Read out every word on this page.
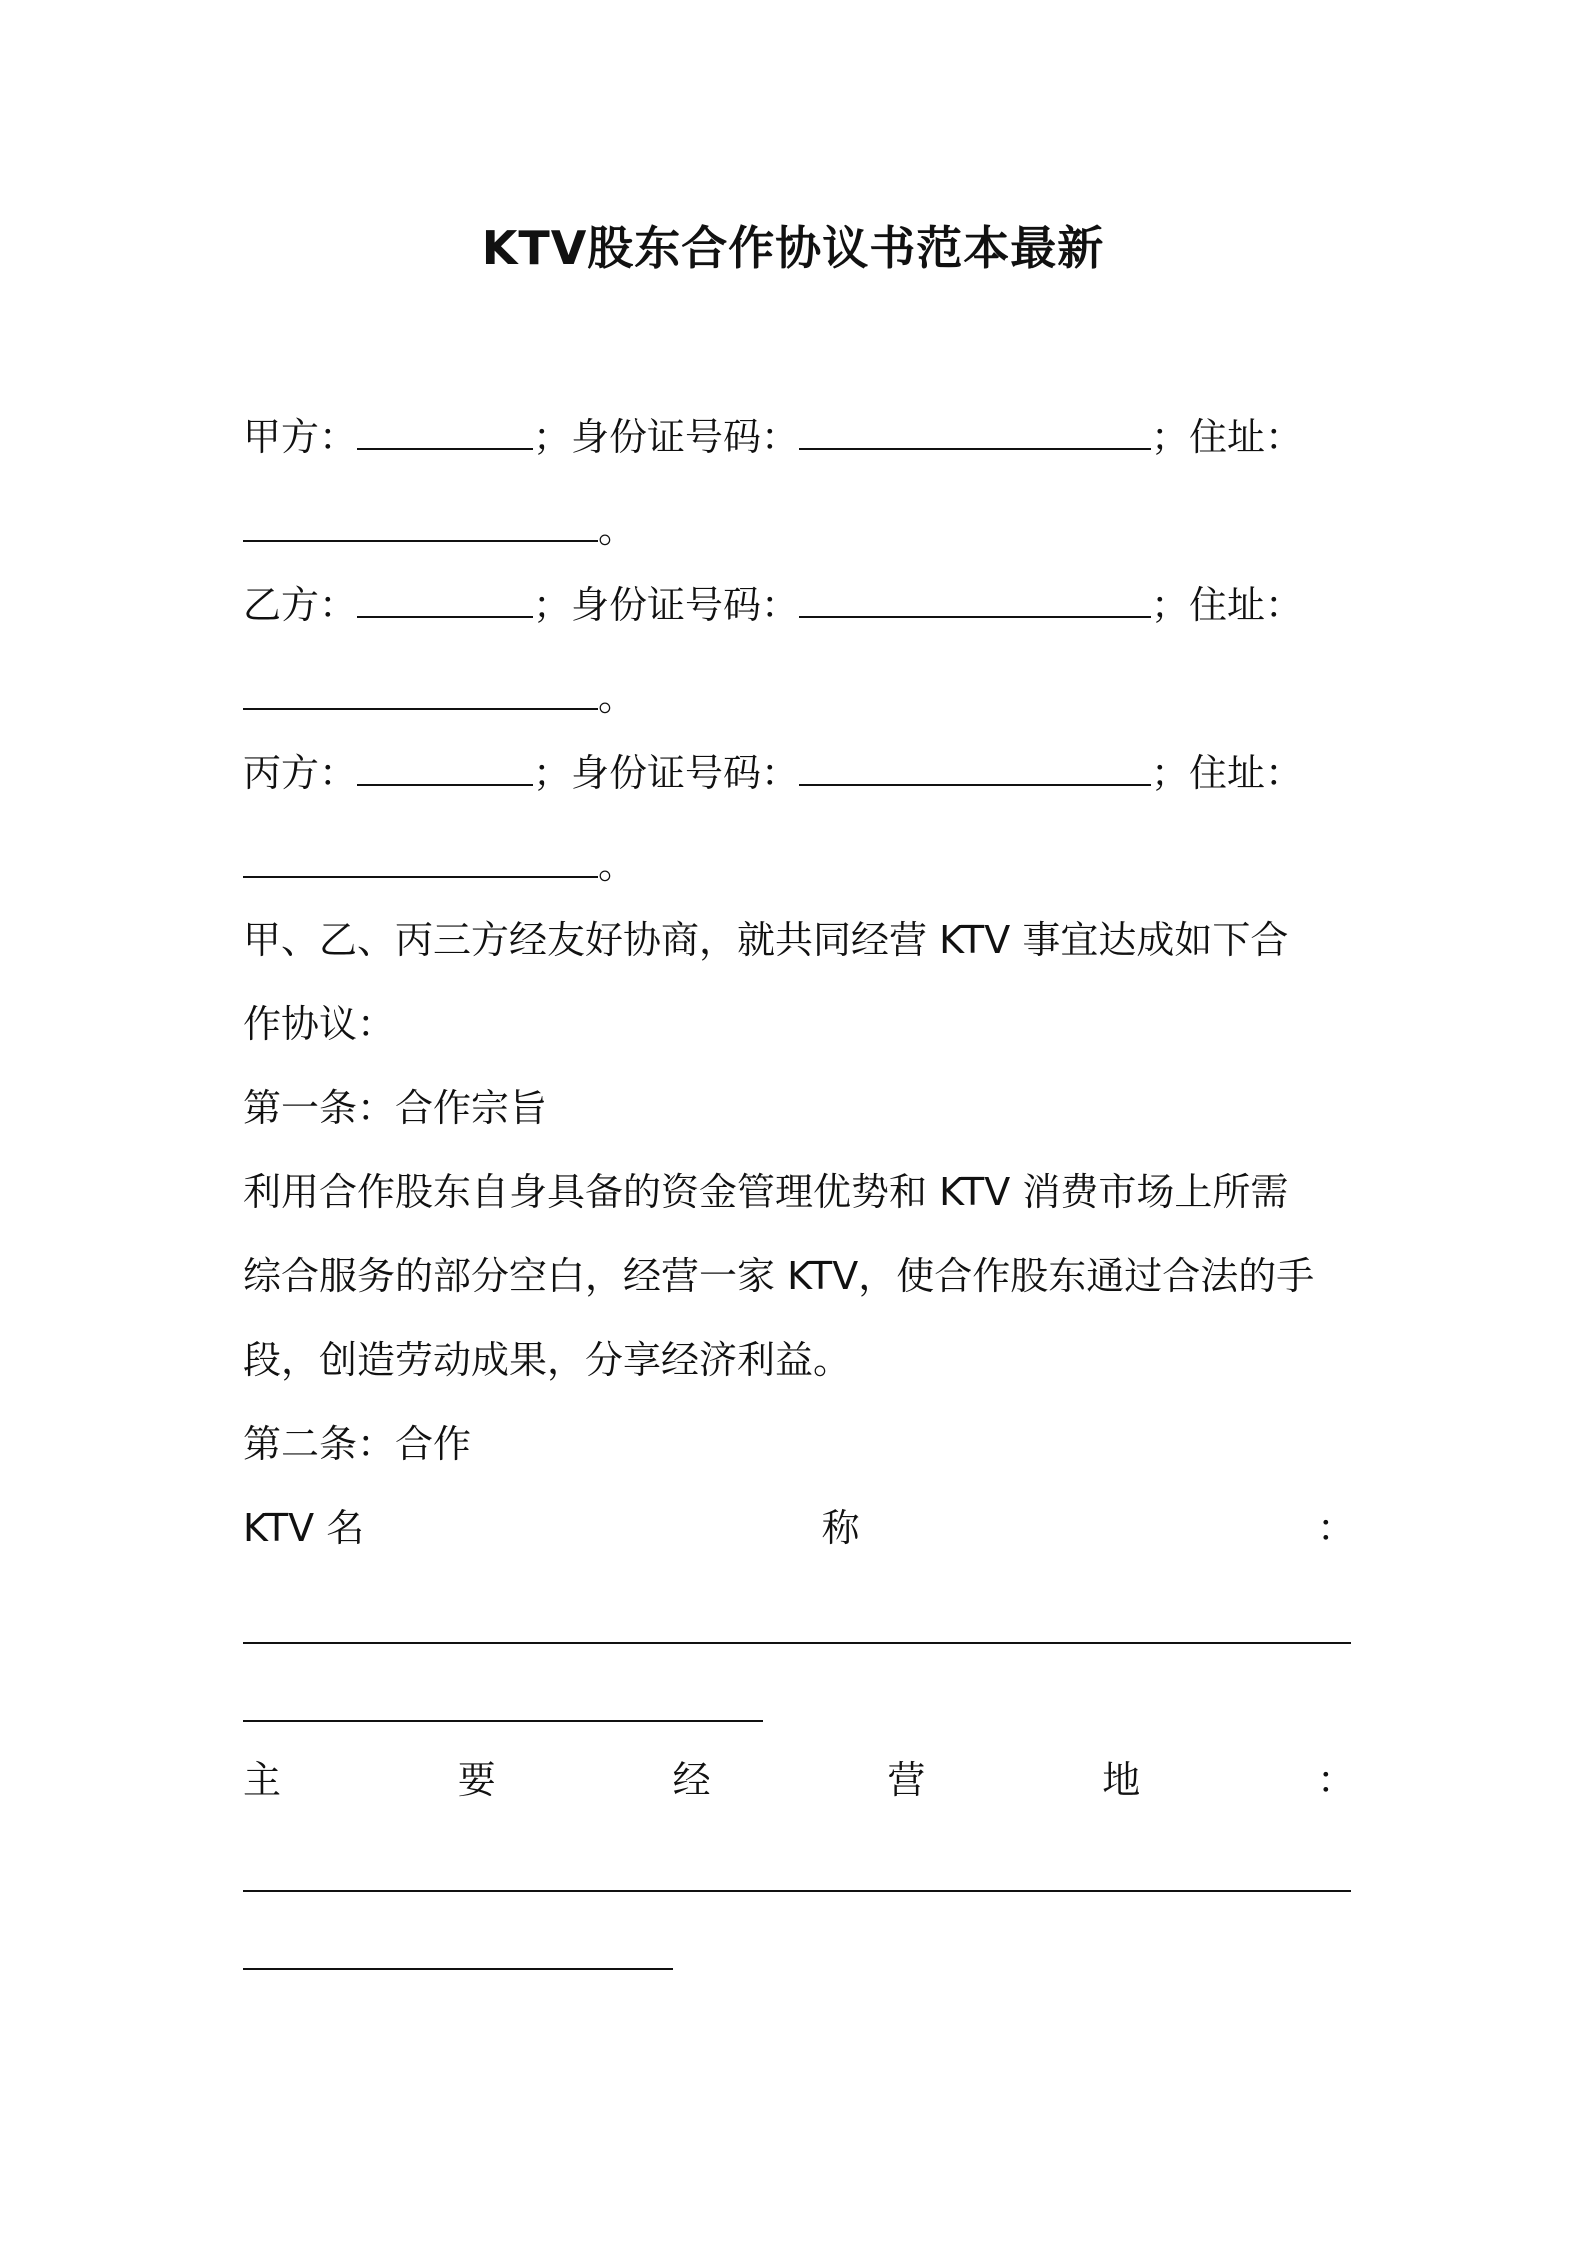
KTV股东合作协议书范本最新
甲方：	；身份证号码：	；住址：
。
乙方：	；身份证号码：	；住址：
。
丙方：	；身份证号码：	；住址：
。
甲、乙、丙三方经友好协商，就共同经营 KTV 事宜达成如下合
作协议：
第一条：合作宗旨
利用合作股东自身具备的资金管理优势和 KTV 消费市场上所需
综合服务的部分空白，经营一家 KTV，使合作股东通过合法的手
段，创造劳动成果，分享经济利益。
第二条：合作
KTV 名	称	：
主	要	经	营	地	：
